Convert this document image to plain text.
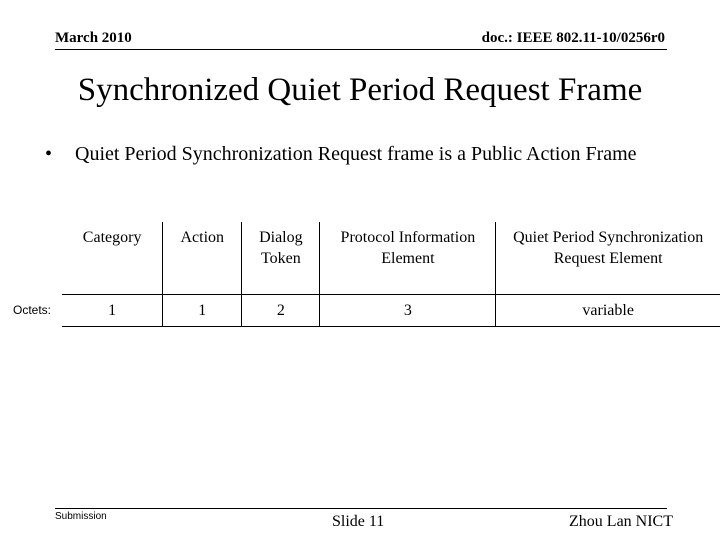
March 2010	doc.: IEEE 802.11-10/0256r0
Synchronized Quiet Period Request Frame
• Quiet Period Synchronization Request frame is a Public Action Frame
Octets:
Category	Action	Dialog Token	Protocol Information Element	Quiet Period Synchronization Request Element
1	1	2	3	variable
Submission	Slide 11	Zhou Lan NICT
